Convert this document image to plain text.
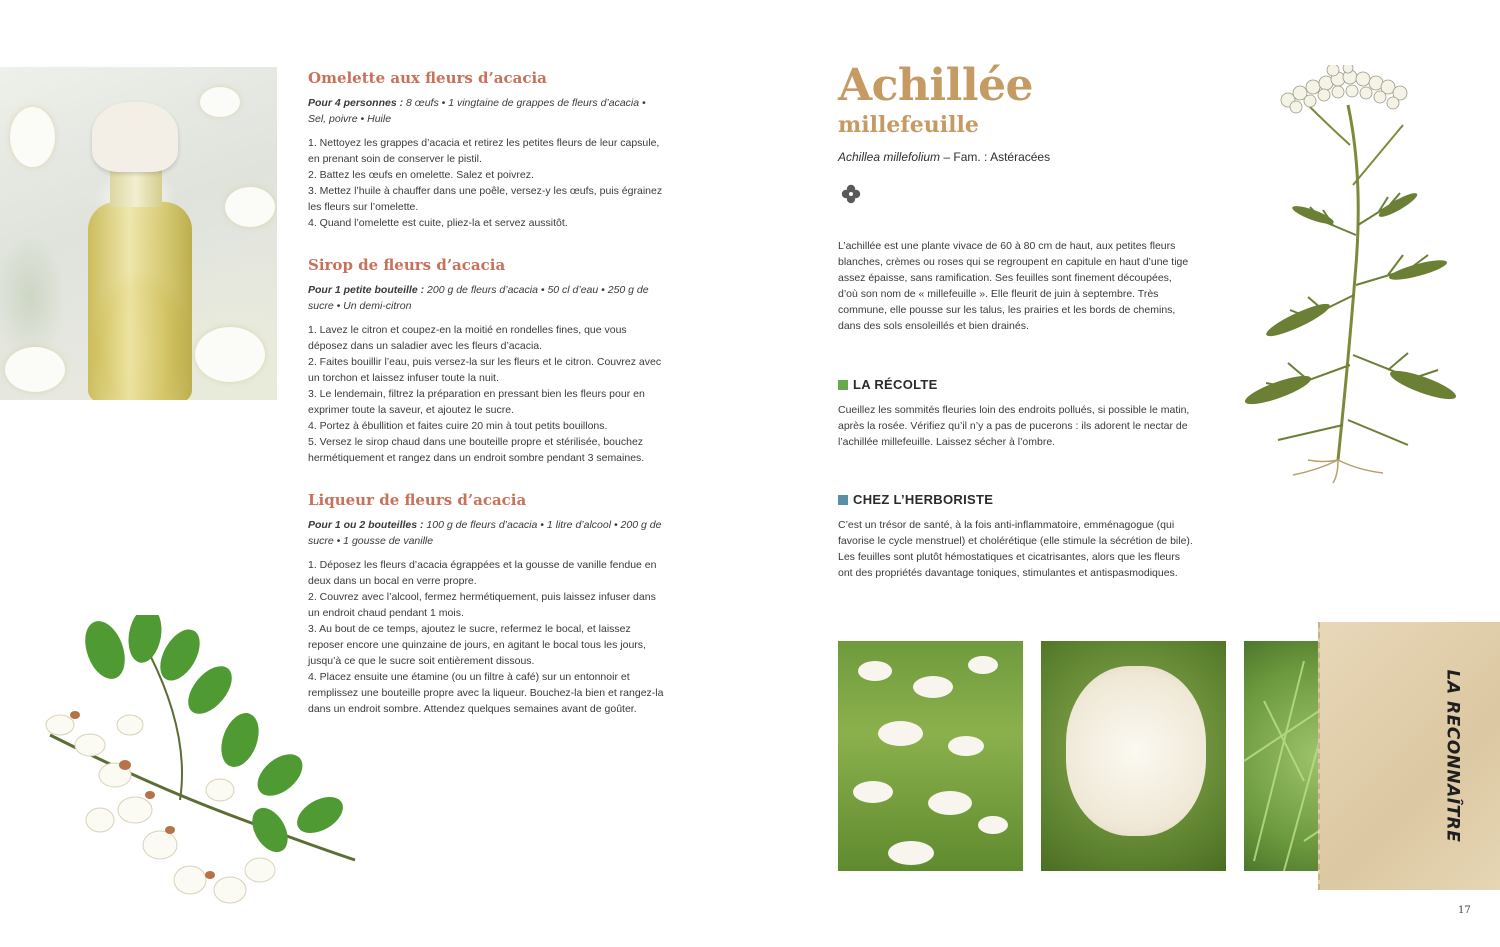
Omelette aux fleurs d’acacia
Pour 4 personnes : 8 œufs • 1 vingtaine de grappes de fleurs d’acacia • Sel, poivre • Huile
1. Nettoyez les grappes d’acacia et retirez les petites fleurs de leur capsule, en prenant soin de conserver le pistil.
2. Battez les œufs en omelette. Salez et poivrez.
3. Mettez l’huile à chauffer dans une poêle, versez-y les œufs, puis égrainez les fleurs sur l’omelette.
4. Quand l’omelette est cuite, pliez-la et servez aussitôt.
Sirop de fleurs d’acacia
Pour 1 petite bouteille : 200 g de fleurs d’acacia • 50 cl d’eau • 250 g de sucre • Un demi-citron
1. Lavez le citron et coupez-en la moitié en rondelles fines, que vous déposez dans un saladier avec les fleurs d’acacia.
2. Faites bouillir l’eau, puis versez-la sur les fleurs et le citron. Couvrez avec un torchon et laissez infuser toute la nuit.
3. Le lendemain, filtrez la préparation en pressant bien les fleurs pour en exprimer toute la saveur, et ajoutez le sucre.
4. Portez à ébullition et faites cuire 20 min à tout petits bouillons.
5. Versez le sirop chaud dans une bouteille propre et stérilisée, bouchez hermétiquement et rangez dans un endroit sombre pendant 3 semaines.
Liqueur de fleurs d’acacia
Pour 1 ou 2 bouteilles : 100 g de fleurs d’acacia • 1 litre d’alcool • 200 g de sucre • 1 gousse de vanille
1. Déposez les fleurs d’acacia égrappées et la gousse de vanille fendue en deux dans un bocal en verre propre.
2. Couvrez avec l’alcool, fermez hermétiquement, puis laissez infuser dans un endroit chaud pendant 1 mois.
3. Au bout de ce temps, ajoutez le sucre, refermez le bocal, et laissez reposer encore une quinzaine de jours, en agitant le bocal tous les jours, jusqu’à ce que le sucre soit entièrement dissous.
4. Placez ensuite une étamine (ou un filtre à café) sur un entonnoir et remplissez une bouteille propre avec la liqueur. Bouchez-la bien et rangez-la dans un endroit sombre. Attendez quelques semaines avant de goûter.
Achillée
millefeuille
Achillea millefolium – Fam. : Astéracées
L’achillée est une plante vivace de 60 à 80 cm de haut, aux petites fleurs blanches, crèmes ou roses qui se regroupent en capitule en haut d’une tige assez épaisse, sans ramification. Ses feuilles sont finement découpées, d’où son nom de « millefeuille ». Elle fleurit de juin à septembre. Très commune, elle pousse sur les talus, les prairies et les bords de chemins, dans des sols ensoleillés et bien drainés.
LA RÉCOLTE
Cueillez les sommités fleuries loin des endroits pollués, si possible le matin, après la rosée. Vérifiez qu’il n’y a pas de pucerons : ils adorent le nectar de l’achillée millefeuille. Laissez sécher à l’ombre.
CHEZ L’HERBORISTE
C’est un trésor de santé, à la fois anti-inflammatoire, emménagogue (qui favorise le cycle menstruel) et cholérétique (elle stimule la sécrétion de bile). Les feuilles sont plutôt hémostatiques et cicatrisantes, alors que les fleurs ont des propriétés davantage toniques, stimulantes et antispasmodiques.
LA RECONNAÎTRE
17
